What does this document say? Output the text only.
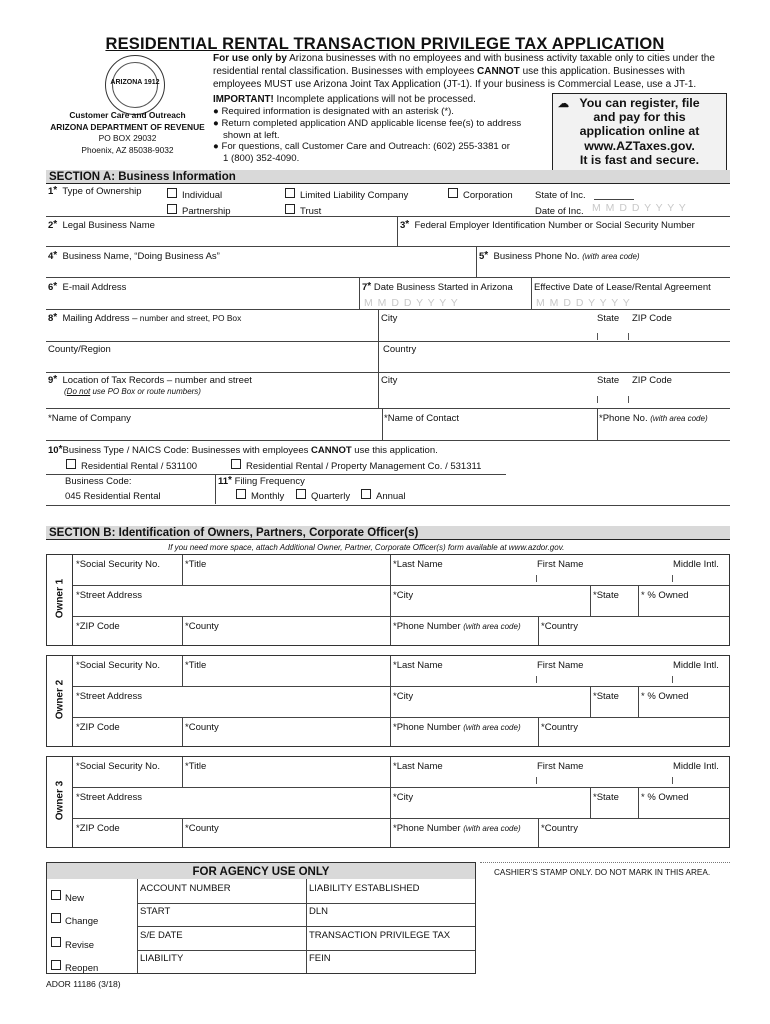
RESIDENTIAL RENTAL TRANSACTION PRIVILEGE TAX APPLICATION
ARIZONA 1912
Customer Care and Outreach
ARIZONA DEPARTMENT OF REVENUE
PO BOX 29032
Phoenix, AZ 85038-9032
For use only by Arizona businesses with no employees and with business activity taxable only to cities under the residential rental classification. Businesses with employees CANNOT use this application. Businesses with employees MUST use Arizona Joint Tax Application (JT-1). If your business is Commercial Lease, use a JT-1.
IMPORTANT! Incomplete applications will not be processed.
● Required information is designated with an asterisk (*).
● Return completed application AND applicable license fee(s) to address
shown at left.
● For questions, call Customer Care and Outreach: (602) 255-3381 or
1 (800) 352-4090.
☁ You can register, file
and pay for this
application online at
www.AZTaxes.gov.
It is fast and secure.
SECTION A: Business Information
1* Type of Ownership	Individual
Partnership
Limited Liability Company
Trust
Corporation State of Inc.
Date of Inc. M M D D Y Y Y Y
2* Legal Business Name	3* Federal Employer Identification Number or Social Security Number
4* Business Name, “Doing Business As”	5* Business Phone No. (with area code)
6* E-mail Address	7* Date Business Started in Arizona
M M D D Y Y Y Y
Effective Date of Lease/Rental Agreement
M M D D Y Y Y Y
8* Mailing Address – number and street, PO Box	City	State ZIP Code
County/Region	Country
9* Location of Tax Records – number and street
(Do not use PO Box or route numbers)
City	State ZIP Code
*Name of Company	*Name of Contact	*Phone No. (with area code)
10*Business Type / NAICS Code: Businesses with employees CANNOT use this application.
Residential Rental / 531100	Residential Rental / Property Management Co. / 531311
Business Code:
045 Residential Rental
11* Filing Frequency
Monthly	Quarterly	Annual
SECTION B: Identification of Owners, Partners, Corporate Officer(s)
If you need more space, attach Additional Owner, Partner, Corporate Officer(s) form available at www.azdor.gov.
Owner 1
*Social Security No.	*Title	*Last Name	First Name	Middle Intl.
*Street Address	*City	*State * % Owned
*ZIP Code	*County	*Phone Number (with area code) *Country
Owner 2
*Social Security No.	*Title	*Last Name	First Name	Middle Intl.
*Street Address	*City	*State * % Owned
*ZIP Code	*County	*Phone Number (with area code) *Country
Owner 3
*Social Security No.	*Title	*Last Name	First Name	Middle Intl.
*Street Address	*City	*State * % Owned
*ZIP Code	*County	*Phone Number (with area code) *Country
FOR AGENCY USE ONLY
New
Change
Revise
Reopen
ACCOUNT NUMBER	LIABILITY ESTABLISHED
START	DLN
S/E DATE	TRANSACTION PRIVILEGE TAX
LIABILITY	FEIN
CASHIER’S STAMP ONLY. DO NOT MARK IN THIS AREA.
ADOR 11186 (3/18)
